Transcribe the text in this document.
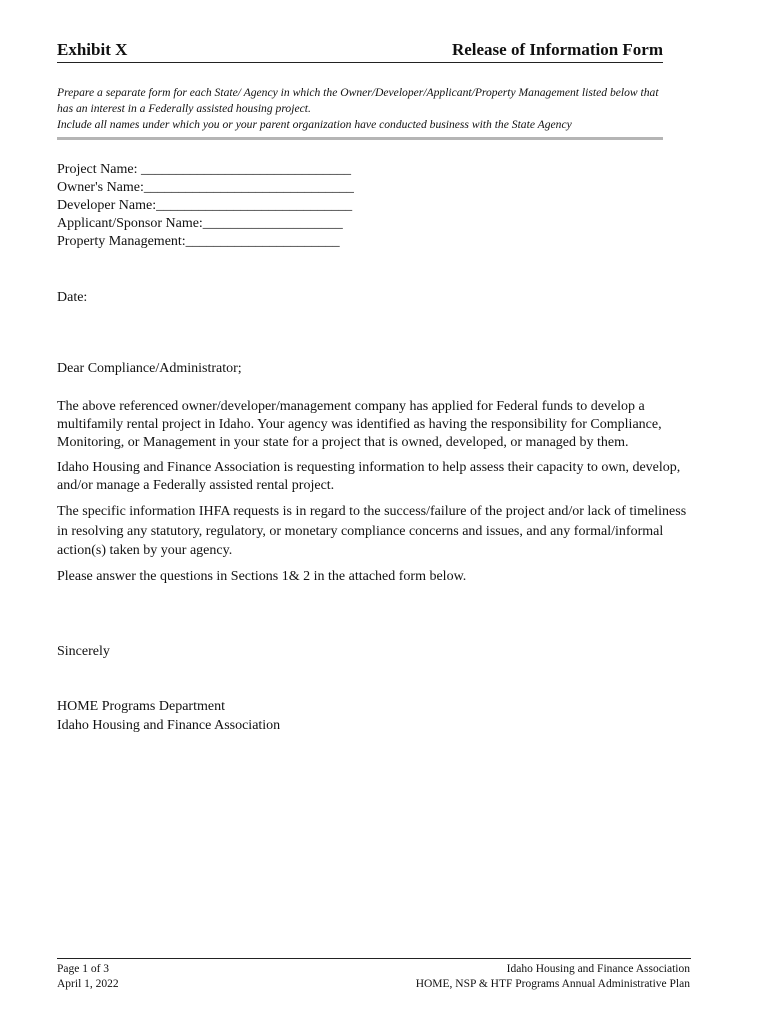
Exhibit X	Release of Information Form
Prepare a separate form for each State/ Agency in which the Owner/Developer/Applicant/Property Management listed below that has an interest in a Federally assisted housing project.
Include all names under which you or your parent organization have conducted business with the State Agency
Project Name: ______________________________
Owner's Name:______________________________
Developer Name:____________________________
Applicant/Sponsor Name:____________________
Property Management:______________________
Date:
Dear Compliance/Administrator;

The above referenced owner/developer/management company has applied for Federal funds to develop a multifamily rental project in Idaho. Your agency was identified as having the responsibility for Compliance, Monitoring, or Management in your state for a project that is owned, developed, or managed by them.

Idaho Housing and Finance Association is requesting information to help assess their capacity to own, develop, and/or manage a Federally assisted rental project.

The specific information IHFA requests is in regard to the success/failure of the project and/or lack of timeliness in resolving any statutory, regulatory, or monetary compliance concerns and issues, and any formal/informal action(s) taken by your agency.

Please answer the questions in Sections 1& 2 in the attached form below.

Sincerely
HOME Programs Department
Idaho Housing and Finance Association
Page 1 of 3
April 1, 2022
Idaho Housing and Finance Association
HOME, NSP & HTF Programs Annual Administrative Plan
